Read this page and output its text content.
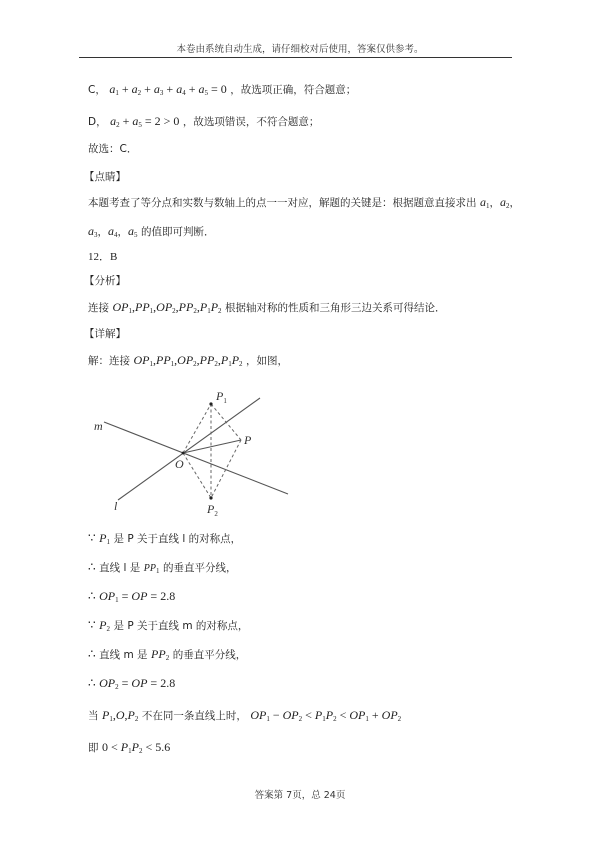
本卷由系统自动生成，请仔细校对后使用，答案仅供参考。
C， $a_1 + a_2 + a_3 + a_4 + a_5 = 0$ ，故选项正确，符合题意；
D， $a_2 + a_5 = 2 > 0$ ，故选项错误，不符合题意；
故选：C．
【点睛】
本题考查了等分点和实数与数轴上的点一一对应，解题的关键是：根据题意直接求出 $a_1$，$a_2$，
$a_3$，$a_4$，$a_5$ 的值即可判断．
12．B
【分析】
连接 $OP_1,PP_1,OP_2,PP_2,P_1P_2$ 根据轴对称的性质和三角形三边关系可得结论．
【详解】
解：连接 $OP_1,PP_1,OP_2,PP_2,P_1P_2$ ，如图，
m
l
O
P
$P_1$
$P_2$
∵ $P_1$ 是 P 关于直线 l 的对称点，
∴ 直线 l 是 $PP_1$ 的垂直平分线，
∴ $OP_1$ = OP = 2.8
∵ $P_2$ 是 P 关于直线 m 的对称点，
∴ 直线 m 是 $PP_2$ 的垂直平分线，
∴ $OP_2$ = OP = 2.8
当 $P_1,O,P_2$ 不在同一条直线上时， $OP_1 - OP_2 < P_1P_2 < OP_1 + OP_2$
即 $0 < P_1P_2 < 5.6$
答案第 7页，总 24页
